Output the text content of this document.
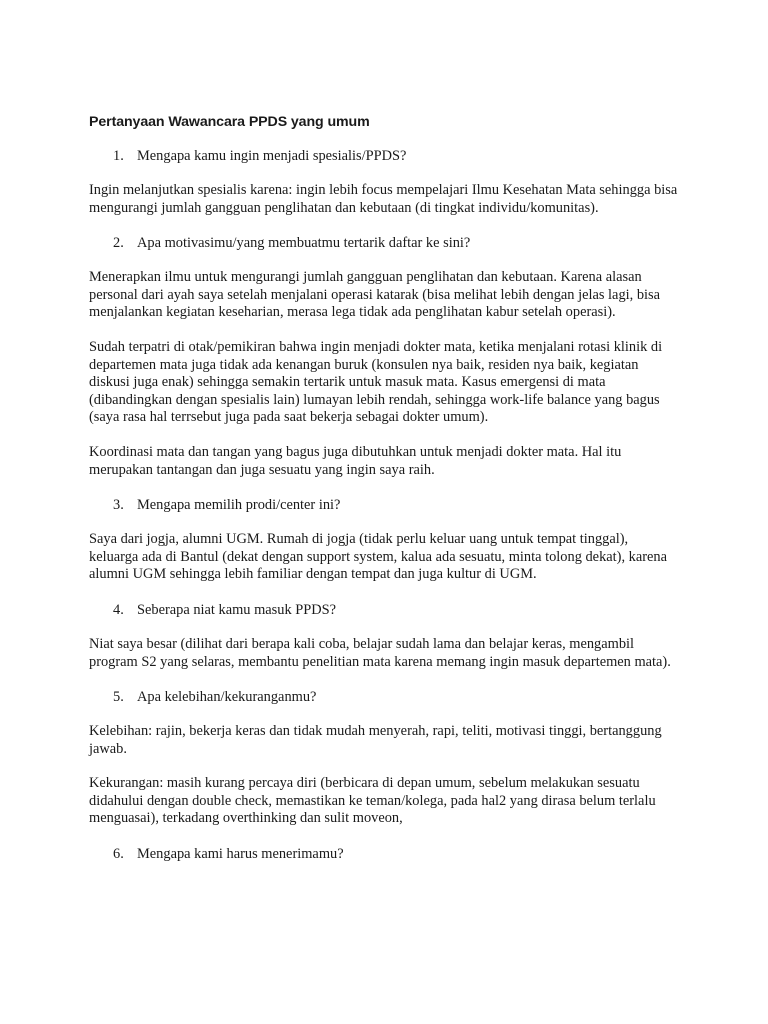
Pertanyaan Wawancara PPDS yang umum
1. Mengapa kamu ingin menjadi spesialis/PPDS?
Ingin melanjutkan spesialis karena: ingin lebih focus mempelajari Ilmu Kesehatan Mata sehingga bisa mengurangi jumlah gangguan penglihatan dan kebutaan (di tingkat individu/komunitas).
2. Apa motivasimu/yang membuatmu tertarik daftar ke sini?
Menerapkan ilmu untuk mengurangi jumlah gangguan penglihatan dan kebutaan. Karena alasan personal dari ayah saya setelah menjalani operasi katarak (bisa melihat lebih dengan jelas lagi, bisa menjalankan kegiatan keseharian, merasa lega tidak ada penglihatan kabur setelah operasi).
Sudah terpatri di otak/pemikiran bahwa ingin menjadi dokter mata, ketika menjalani rotasi klinik di departemen mata juga tidak ada kenangan buruk (konsulen nya baik, residen nya baik, kegiatan diskusi juga enak) sehingga semakin tertarik untuk masuk mata. Kasus emergensi di mata (dibandingkan dengan spesialis lain) lumayan lebih rendah, sehingga work-life balance yang bagus (saya rasa hal terrsebut juga pada saat bekerja sebagai dokter umum).
Koordinasi mata dan tangan yang bagus juga dibutuhkan untuk menjadi dokter mata. Hal itu merupakan tantangan dan juga sesuatu yang ingin saya raih.
3. Mengapa memilih prodi/center ini?
Saya dari jogja, alumni UGM. Rumah di jogja (tidak perlu keluar uang untuk tempat tinggal), keluarga ada di Bantul (dekat dengan support system, kalua ada sesuatu, minta tolong dekat), karena alumni UGM sehingga lebih familiar dengan tempat dan juga kultur di UGM.
4. Seberapa niat kamu masuk PPDS?
Niat saya besar (dilihat dari berapa kali coba, belajar sudah lama dan belajar keras, mengambil program S2 yang selaras, membantu penelitian mata karena memang ingin masuk departemen mata).
5. Apa kelebihan/kekuranganmu?
Kelebihan: rajin, bekerja keras dan tidak mudah menyerah, rapi, teliti, motivasi tinggi, bertanggung jawab.
Kekurangan: masih kurang percaya diri (berbicara di depan umum, sebelum melakukan sesuatu didahului dengan double check, memastikan ke teman/kolega, pada hal2 yang dirasa belum terlalu menguasai), terkadang overthinking dan sulit moveon,
6. Mengapa kami harus menerimamu?
